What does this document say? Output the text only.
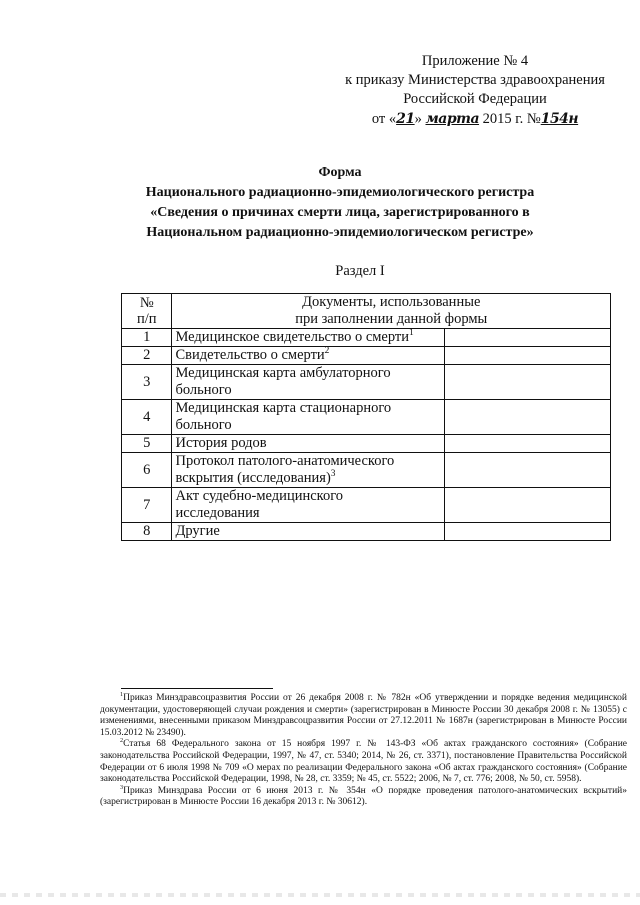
Приложение № 4
к приказу Министерства здравоохранения
Российской Федерации
от «21» марта 2015 г. №154н
Форма
Национального радиационно-эпидемиологического регистра
«Сведения о причинах смерти лица, зарегистрированного в
Национальном радиационно-эпидемиологическом регистре»
Раздел I
№
п/п	Документы, использованные
при заполнении данной формы	
1	Медицинское свидетельство о смерти$^1$	
2	Свидетельство о смерти$^2$	
3	Медицинская карта амбулаторного
больного	
4	Медицинская карта стационарного
больного	
5	История родов	
6	Протокол патолого-анатомического
вскрытия (исследования)$^3$	
7	Акт судебно-медицинского
исследования	
8	Другие	
$^1$Приказ Минздравсоцразвития России от 26 декабря 2008 г. № 782н «Об утверждении и порядке ведения медицинской документации, удостоверяющей случаи рождения и смерти» (зарегистрирован в Минюсте России 30 декабря 2008 г. № 13055) с изменениями, внесенными приказом Минздравсоцразвития России от 27.12.2011 № 1687н (зарегистрирован в Минюсте России 15.03.2012 № 23490).
$^2$Статья 68 Федерального закона от 15 ноября 1997 г. № 143-ФЗ «Об актах гражданского состояния» (Собрание законодательства Российской Федерации, 1997, № 47, ст. 5340; 2014, № 26, ст. 3371), постановление Правительства Российской Федерации от 6 июля 1998 № 709 «О мерах по реализации Федерального закона «Об актах гражданского состояния» (Собрание законодательства Российской Федерации, 1998, № 28, ст. 3359; № 45, ст. 5522; 2006, № 7, ст. 776; 2008, № 50, ст. 5958).
$^3$Приказ Минздрава России от 6 июня 2013 г. № 354н «О порядке проведения патолого-анатомических вскрытий» (зарегистрирован в Минюсте России 16 декабря 2013 г. № 30612).
